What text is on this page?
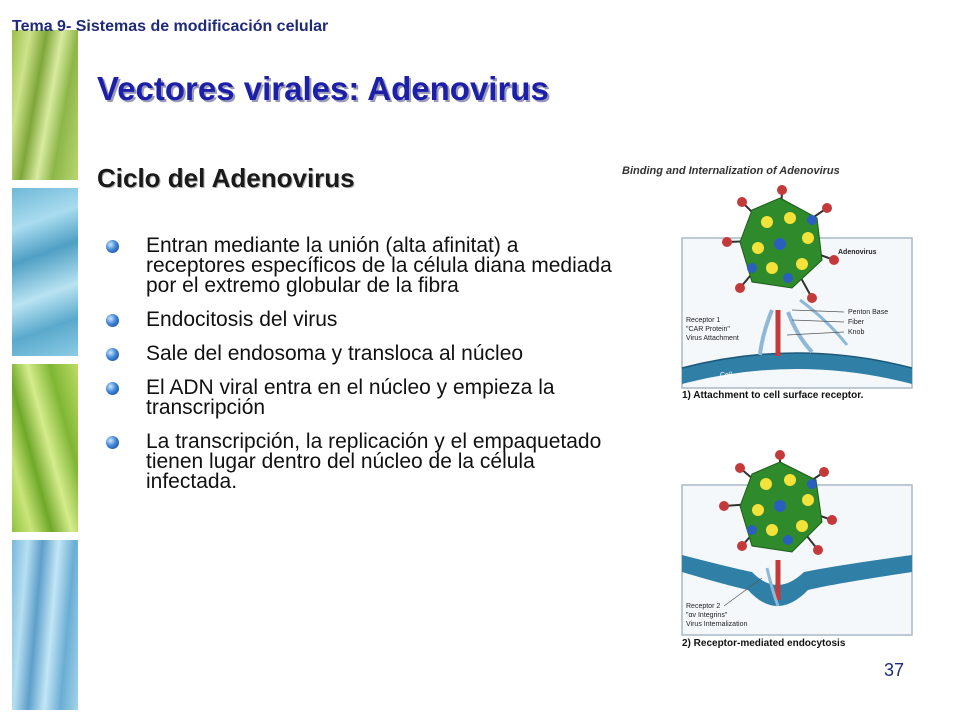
Tema 9- Sistemas de modificación celular

Vectores virales: Adenovirus
Ciclo del Adenovirus
Entran mediante la unión (alta afinitat) a receptores específicos de la célula diana mediada por el extremo globular de la fibra
Endocitosis del virus
Sale del endosoma y transloca al núcleo
El ADN viral entra en el núcleo y empieza la transcripción
La transcripción, la replicación y el empaquetado tienen lugar dentro del núcleo de la célula infectada.
Binding and Internalization of Adenovirus
Adenovirus
Penton Base
Fiber
Knob
Receptor 1
"CAR Protein"
Virus Attachment
Cell
1) Attachment to cell surface receptor.
Receptor 2
"αv Integrins"
Virus Internalization
2) Receptor-mediated endocytosis

37
